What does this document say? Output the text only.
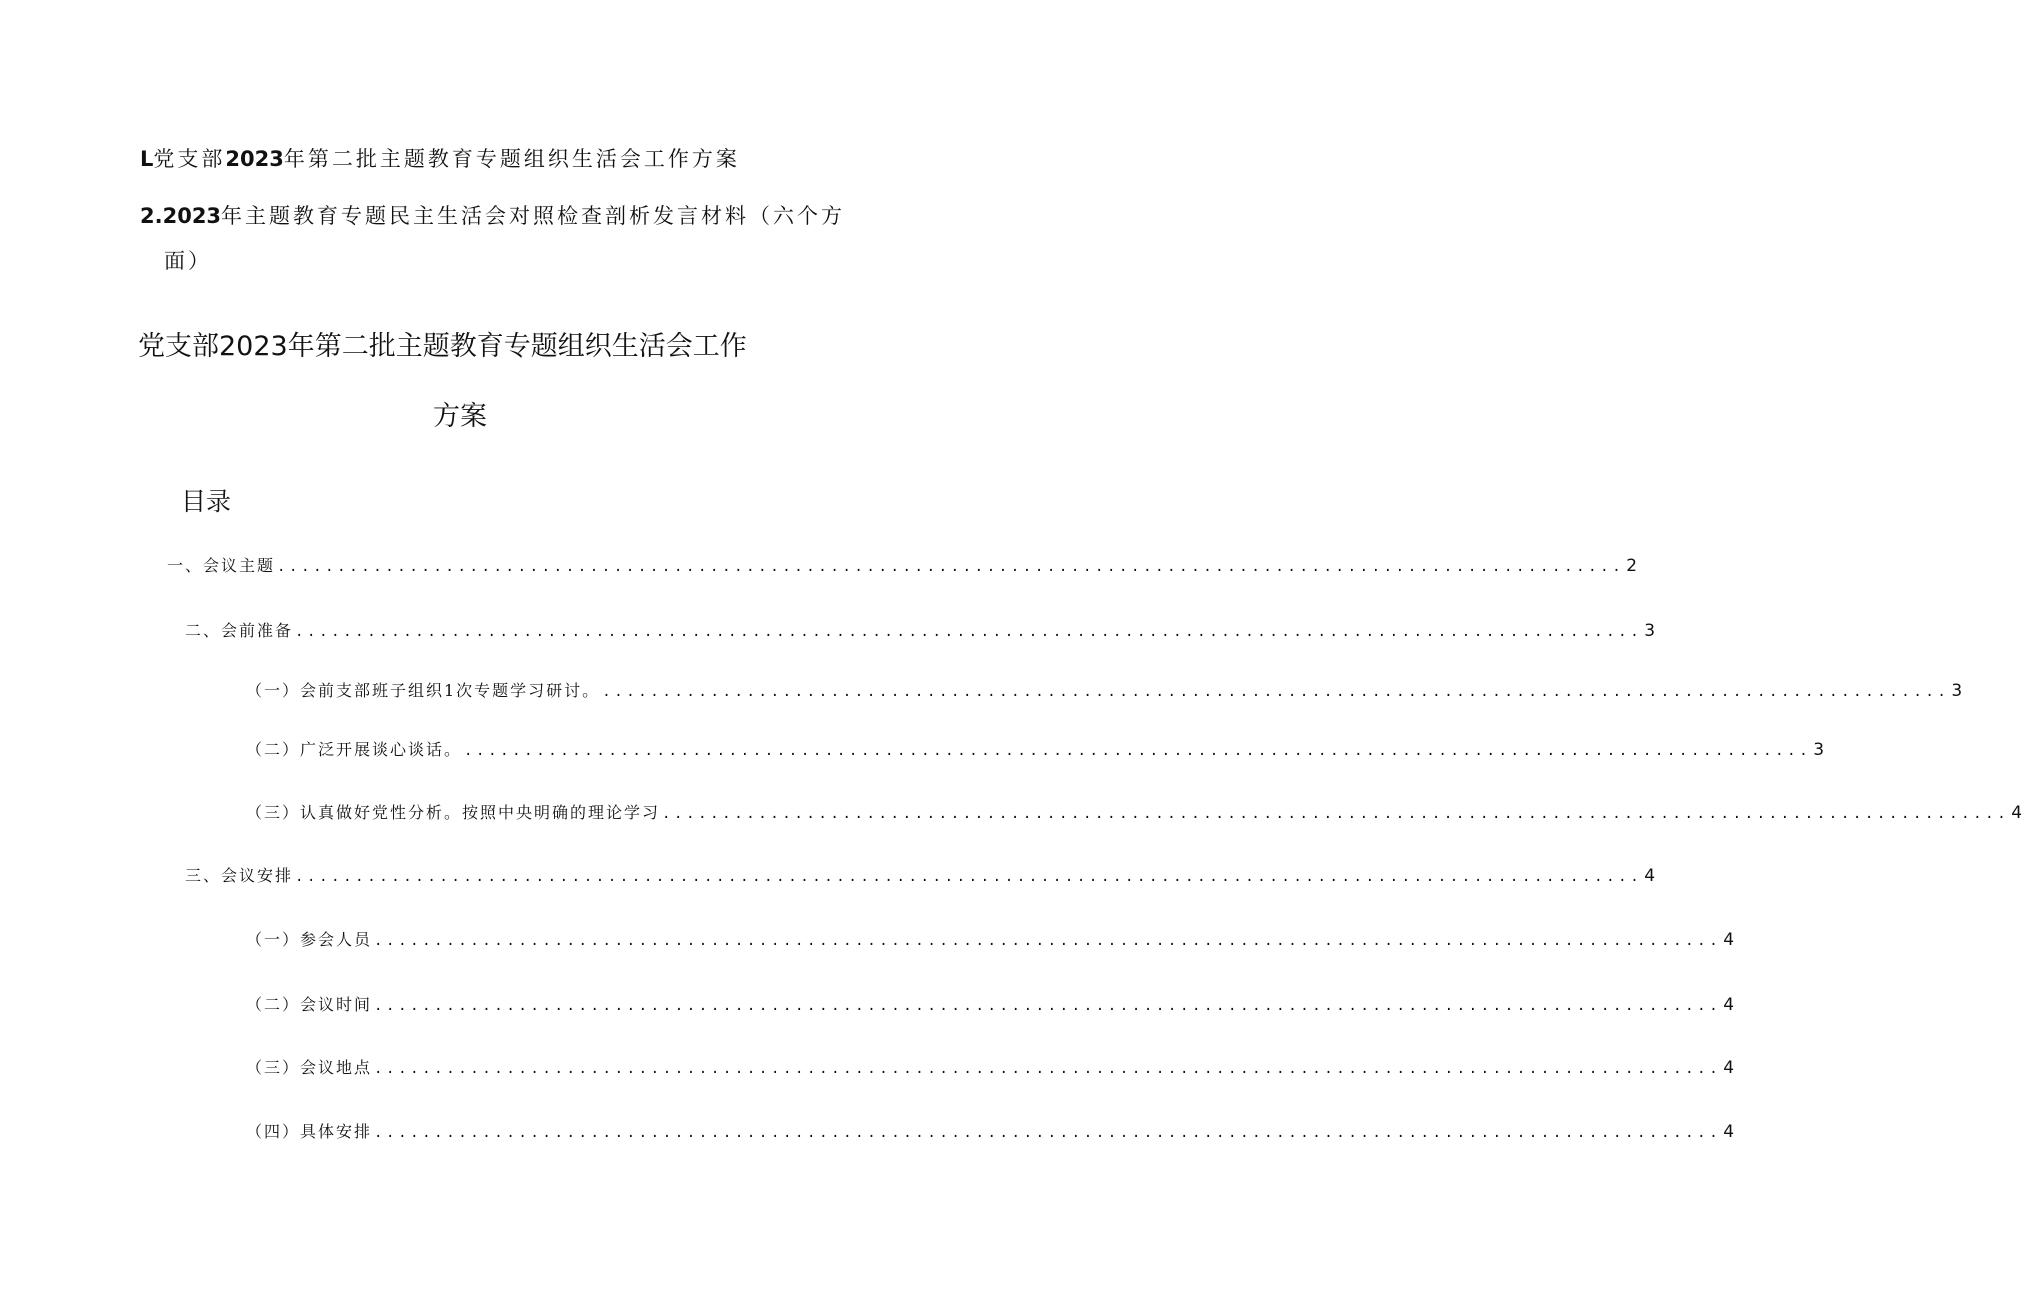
L党支部2023年第二批主题教育专题组织生活会工作方案
2.2023年主题教育专题民主生活会对照检查剖析发言材料（六个方
面）
党支部2023年第二批主题教育专题组织生活会工作
方案
目录
一、会议主题 ................................................................................................................ 2
二、会前准备 ................................................................................................................ 3
（一）会前支部班子组织1次专题学习研讨。 ................................................................................................................ 3
（二）广泛开展谈心谈话。 ................................................................................................................ 3
（三）认真做好党性分析。按照中央明确的理论学习 ................................................................................................................ 4
三、会议安排 ................................................................................................................ 4
（一）参会人员 ................................................................................................................ 4
（二）会议时间 ................................................................................................................ 4
（三）会议地点 ................................................................................................................ 4
（四）具体安排 ................................................................................................................ 4
